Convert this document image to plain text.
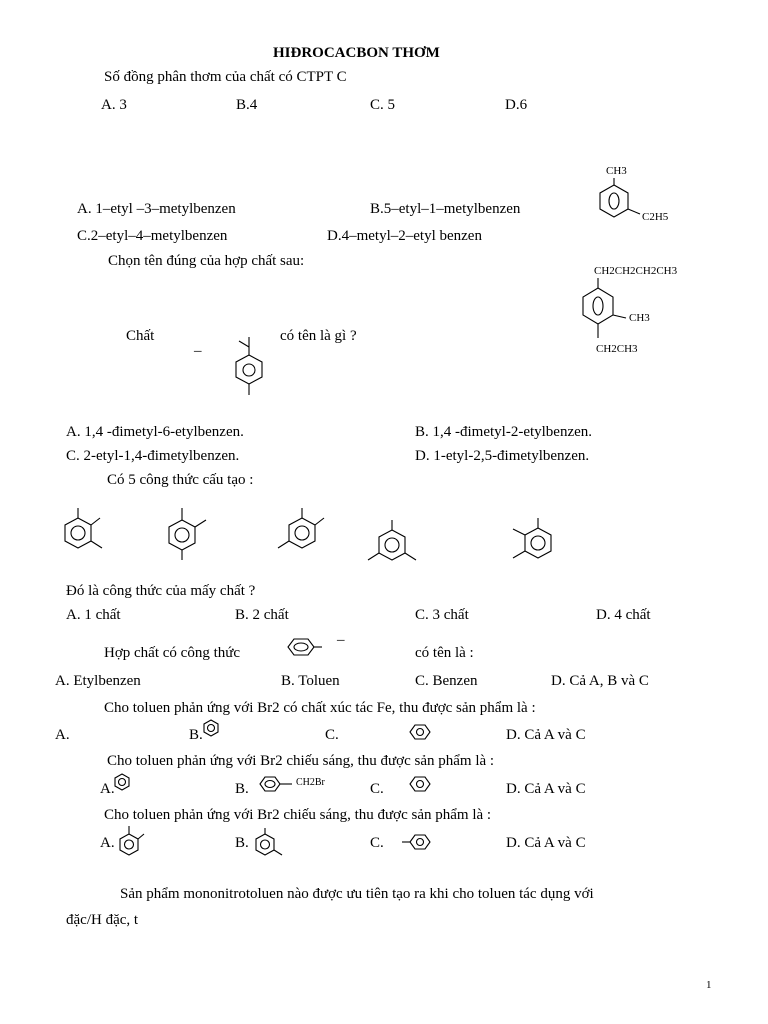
HIĐROCACBON THƠM
Số đồng phân thơm của chất có CTPT C
A. 3	B.4	C. 5	D.6
CH3
C2H5
A. 1–etyl –3–metylbenzen	B.5–etyl–1–metylbenzen
C.2–etyl–4–metylbenzen	D.4–metyl–2–etyl benzen
Chọn tên đúng của hợp chất sau:
CH2CH2CH2CH3
CH3
CH2CH3
Chất
–
có tên là gì ?
A. 1,4 -đimetyl-6-etylbenzen.	B. 1,4 -đimetyl-2-etylbenzen.
C. 2-etyl-1,4-đimetylbenzen.	D. 1-etyl-2,5-đimetylbenzen.
Có 5 công thức cấu tạo :
Đó là công thức của mấy chất ?
A. 1 chất	B. 2 chất	C. 3 chất	D. 4 chất
Hợp chất có công thức
–
có tên là :
A. Etylbenzen	B. Toluen	C. Benzen	D. Cả A, B và C
Cho toluen phản ứng với Br2 có chất xúc tác Fe, thu được sản phẩm là :
A.	B.	C.	D. Cả A và C
Cho toluen phản ứng với Br2 chiếu sáng, thu được sản phẩm là :
A.	B.	CH2Br	C.	D. Cả A và C
Cho toluen phản ứng với Br2 chiếu sáng, thu được sản phẩm là :
A.	B.	C.	D. Cả A và C
Sản phẩm mononitrotoluen nào được ưu tiên tạo ra khi cho toluen tác dụng với
đặc/H đặc, t
1
